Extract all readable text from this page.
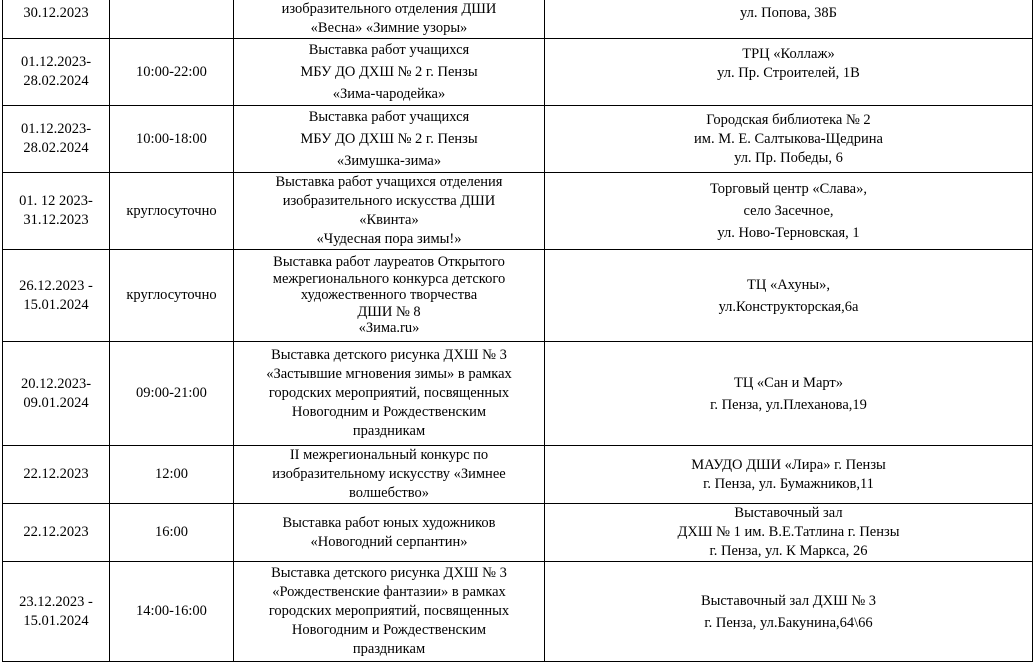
30.12.2023		изобразительного отделения ДШИ
«Весна» «Зимние узоры»	ул. Попова, 38Б

01.12.2023-
28.02.2024	10:00-22:00	Выставка работ учащихся
МБУ ДО ДХШ № 2 г. Пензы
«Зима-чародейка»	ТРЦ «Коллаж»
ул. Пр. Строителей, 1В

01.12.2023-
28.02.2024	10:00-18:00	Выставка работ учащихся
МБУ ДО ДХШ № 2 г. Пензы
«Зимушка-зима»	Городская библиотека № 2
им. М. Е. Салтыкова-Щедрина
ул. Пр. Победы, 6

01. 12 2023-
31.12.2023	круглосуточно	Выставка работ учащихся отделения
изобразительного искусства ДШИ
«Квинта»
«Чудесная пора зимы!»	Торговый центр «Слава»,
село Засечное,
ул. Ново-Терновская, 1

26.12.2023 -
15.01.2024	круглосуточно	Выставка работ лауреатов Открытого
межрегионального конкурса детского
художественного творчества
ДШИ № 8
«Зима.ru»	ТЦ «Ахуны»,
ул.Конструкторская,6а

20.12.2023-
09.01.2024	09:00-21:00	Выставка детского рисунка ДХШ № 3
«Застывшие мгновения зимы» в рамках
городских мероприятий, посвященных
Новогодним и Рождественским
праздникам	ТЦ «Сан и Март»
г. Пенза, ул.Плеханова,19

22.12.2023	12:00	II межрегиональный конкурс по
изобразительному искусству «Зимнее
волшебство»	МАУДО ДШИ «Лира» г. Пензы
г. Пенза, ул. Бумажников,11

22.12.2023	16:00	Выставка работ юных художников
«Новогодний серпантин»	Выставочный зал
ДХШ № 1 им. В.Е.Татлина г. Пензы
г. Пенза, ул. К Маркса, 26

23.12.2023 -
15.01.2024	14:00-16:00	Выставка детского рисунка ДХШ № 3
«Рождественские фантазии» в рамках
городских мероприятий, посвященных
Новогодним и Рождественским
праздникам	Выставочный зал ДХШ № 3
г. Пенза, ул.Бакунина,64\66
